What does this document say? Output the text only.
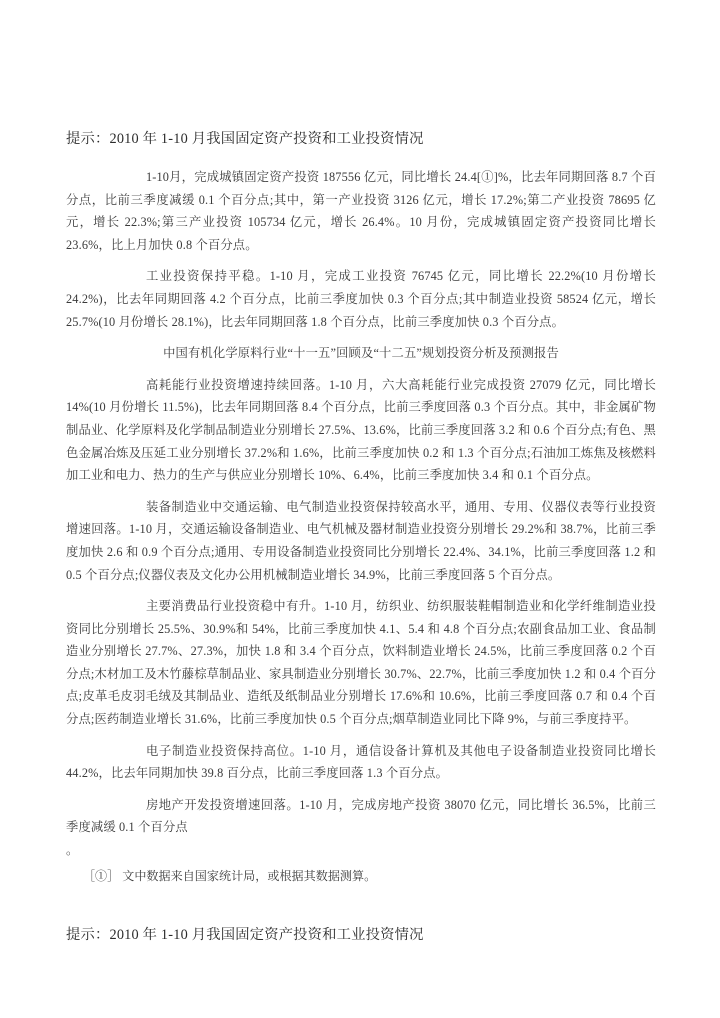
提示：2010 年 1-10 月我国固定资产投资和工业投资情况

1-10月，完成城镇固定资产投资 187556 亿元，同比增长 24.4[①]%，比去年同期回落 8.7 个百分点，比前三季度减缓 0.1 个百分点;其中，第一产业投资 3126 亿元，增长 17.2%;第二产业投资 78695 亿元，增长 22.3%;第三产业投资 105734 亿元，增长 26.4%。10 月份，完成城镇固定资产投资同比增长 23.6%，比上月加快 0.8 个百分点。

工业投资保持平稳。1-10 月，完成工业投资 76745 亿元，同比增长 22.2%(10 月份增长 24.2%)，比去年同期回落 4.2 个百分点，比前三季度加快 0.3 个百分点;其中制造业投资 58524 亿元，增长 25.7%(10 月份增长 28.1%)，比去年同期回落 1.8 个百分点，比前三季度加快 0.3 个百分点。

中国有机化学原料行业“十一五”回顾及“十二五”规划投资分析及预测报告

高耗能行业投资增速持续回落。1-10 月，六大高耗能行业完成投资 27079 亿元，同比增长 14%(10 月份增长 11.5%)，比去年同期回落 8.4 个百分点，比前三季度回落 0.3 个百分点。其中，非金属矿物制品业、化学原料及化学制品制造业分别增长 27.5%、13.6%，比前三季度回落 3.2 和 0.6 个百分点;有色、黑色金属冶炼及压延工业分别增长 37.2%和 1.6%，比前三季度加快 0.2 和 1.3 个百分点;石油加工炼焦及核燃料加工业和电力、热力的生产与供应业分别增长 10%、6.4%，比前三季度加快 3.4 和 0.1 个百分点。

装备制造业中交通运输、电气制造业投资保持较高水平，通用、专用、仪器仪表等行业投资增速回落。1-10 月，交通运输设备制造业、电气机械及器材制造业投资分别增长 29.2%和 38.7%，比前三季度加快 2.6 和 0.9 个百分点;通用、专用设备制造业投资同比分别增长 22.4%、34.1%，比前三季度回落 1.2 和 0.5 个百分点;仪器仪表及文化办公用机械制造业增长 34.9%，比前三季度回落 5 个百分点。

主要消费品行业投资稳中有升。1-10 月，纺织业、纺织服装鞋帽制造业和化学纤维制造业投资同比分别增长 25.5%、30.9%和 54%，比前三季度加快 4.1、5.4 和 4.8 个百分点;农副食品加工业、食品制造业分别增长 27.7%、27.3%，加快 1.8 和 3.4 个百分点，饮料制造业增长 24.5%，比前三季度回落 0.2 个百分点;木材加工及木竹藤棕草制品业、家具制造业分别增长 30.7%、22.7%，比前三季度加快 1.2 和 0.4 个百分点;皮革毛皮羽毛绒及其制品业、造纸及纸制品业分别增长 17.6%和 10.6%，比前三季度回落 0.7 和 0.4 个百分点;医药制造业增长 31.6%，比前三季度加快 0.5 个百分点;烟草制造业同比下降 9%，与前三季度持平。

电子制造业投资保持高位。1-10 月，通信设备计算机及其他电子设备制造业投资同比增长 44.2%，比去年同期加快 39.8 百分点，比前三季度回落 1.3 个百分点。

房地产开发投资增速回落。1-10 月，完成房地产投资 38070 亿元，同比增长 36.5%，比前三季度减缓 0.1 个百分点

。

［①］ 文中数据来自国家统计局，或根据其数据测算。

提示：2010 年 1-10 月我国固定资产投资和工业投资情况
